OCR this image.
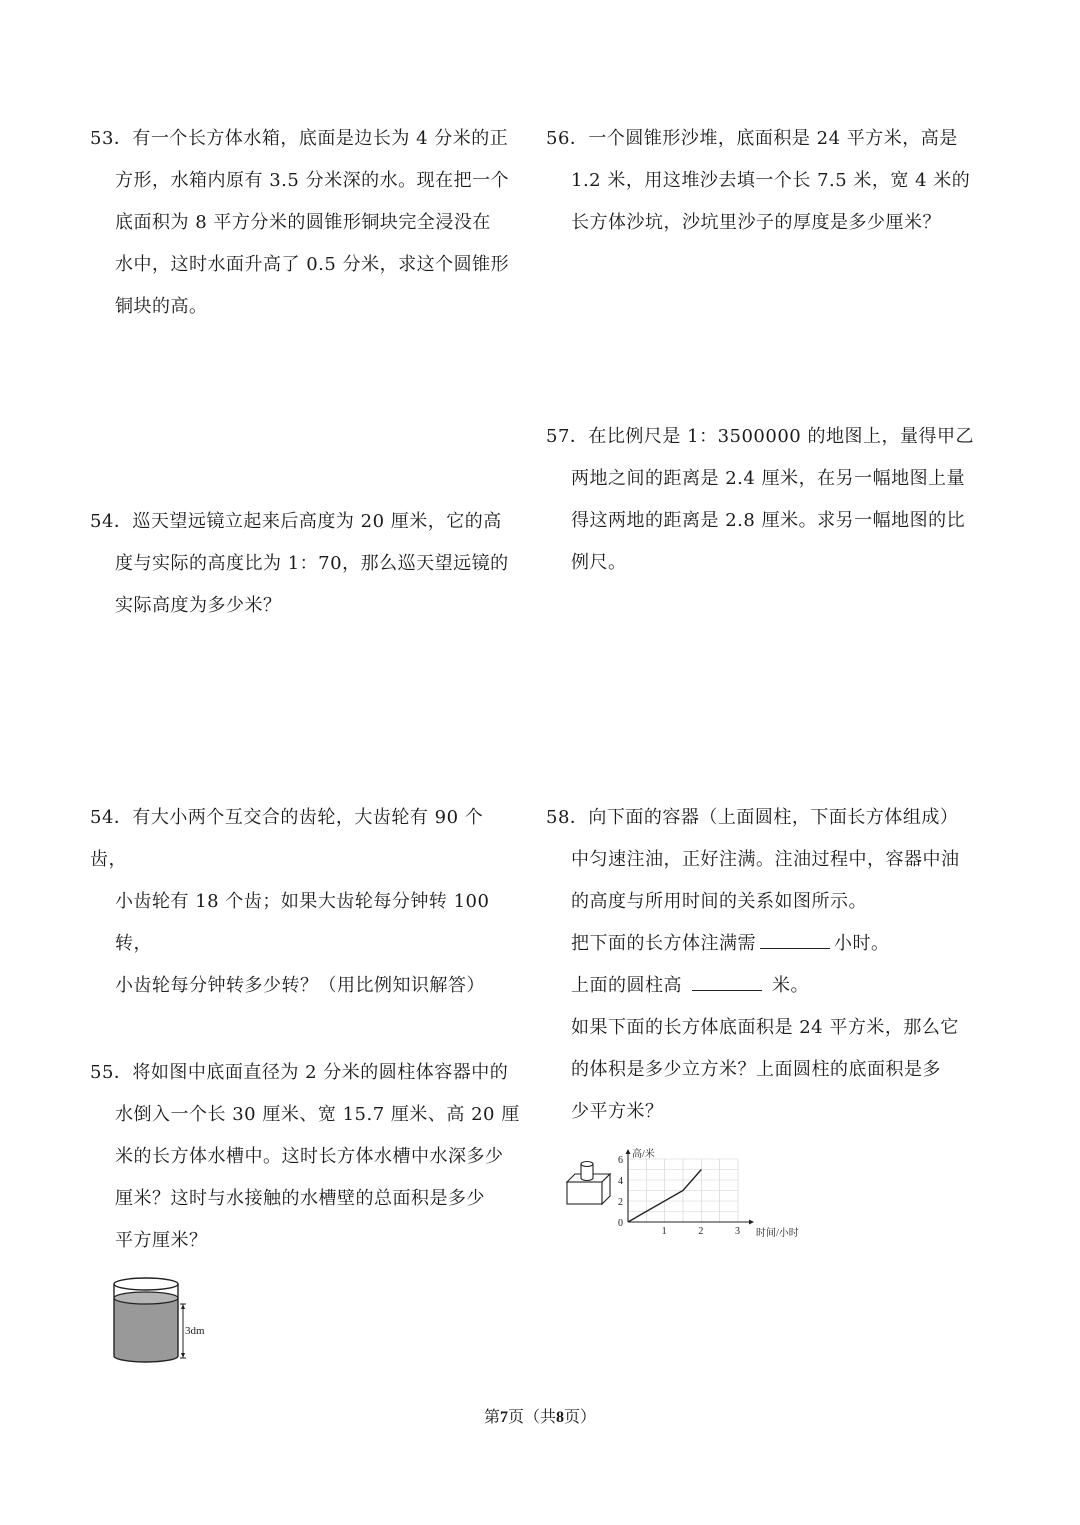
53．有一个长方体水箱，底面是边长为 4 分米的正

方形，水箱内原有 3.5 分米深的水。现在把一个

底面积为 8 平方分米的圆锥形铜块完全浸没在

水中，这时水面升高了 0.5 分米，求这个圆锥形

铜块的高。

54．巡天望远镜立起来后高度为 20 厘米，它的高

度与实际的高度比为 1：70，那么巡天望远镜的

实际高度为多少米？

54．有大小两个互交合的齿轮，大齿轮有 90 个齿，

小齿轮有 18 个齿；如果大齿轮每分钟转 100 转，

小齿轮每分钟转多少转？（用比例知识解答）

55．将如图中底面直径为 2 分米的圆柱体容器中的

水倒入一个长 30 厘米、宽 15.7 厘米、高 20 厘

米的长方体水槽中。这时长方体水槽中水深多少

厘米？这时与水接触的水槽壁的总面积是多少

平方厘米？

3dm

56．一个圆锥形沙堆，底面积是 24 平方米，高是

1.2 米，用这堆沙去填一个长 7.5 米，宽 4 米的

长方体沙坑，沙坑里沙子的厚度是多少厘米？

57．在比例尺是 1：3500000 的地图上，量得甲乙

两地之间的距离是 2.4 厘米，在另一幅地图上量

得这两地的距离是 2.8 厘米。求另一幅地图的比

例尺。

58．向下面的容器（上面圆柱，下面长方体组成）

中匀速注油，正好注满。注油过程中，容器中油

的高度与所用时间的关系如图所示。

把下面的长方体注满需	小时。

上面的圆柱高	米。

如果下面的长方体底面积是 24 平方米，那么它

的体积是多少立方米？上面圆柱的底面积是多

少平方米？

1	2	3
0
2
4
6
高/米
时间/小时
第7页（共8页）
